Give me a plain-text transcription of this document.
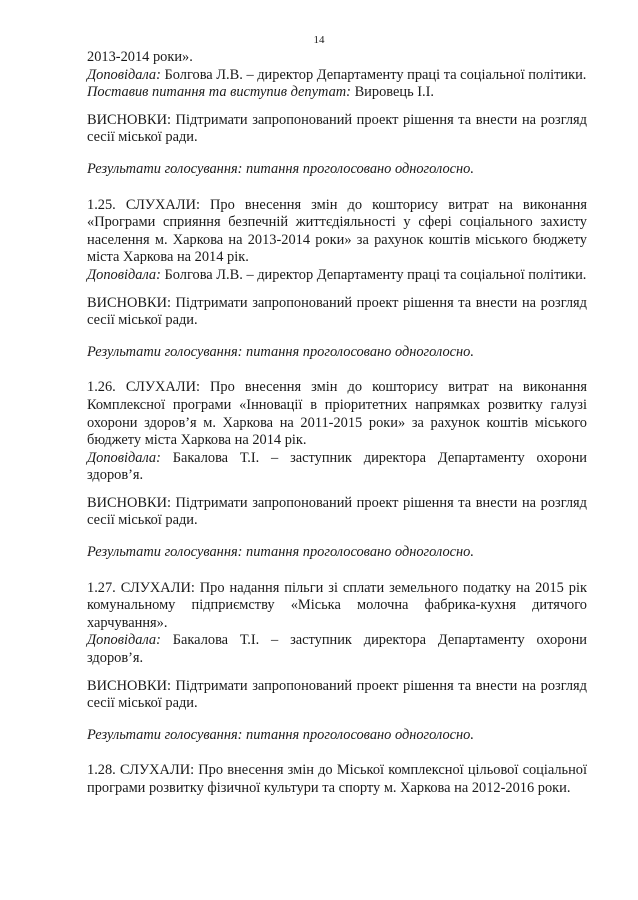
14

2013-2014 роки».

Доповідала: Болгова Л.В. – директор Департаменту праці та соціальної політики.

Поставив питання та виступив депутат: Вировець І.І.

ВИСНОВКИ: Підтримати запропонований проект рішення та внести на розгляд сесії міської ради.

Результати голосування: питання проголосовано одноголосно.

1.25. СЛУХАЛИ: Про внесення змін до кошторису витрат на виконання «Програми сприяння безпечній життєдіяльності у сфері соціального захисту населення м. Харкова на 2013-2014 роки» за рахунок коштів міського бюджету міста Харкова на 2014 рік.

Доповідала: Болгова Л.В. – директор Департаменту праці та соціальної політики.

ВИСНОВКИ: Підтримати запропонований проект рішення та внести на розгляд сесії міської ради.

Результати голосування: питання проголосовано одноголосно.

1.26. СЛУХАЛИ: Про внесення змін до кошторису витрат на виконання Комплексної програми «Інновації в пріоритетних напрямках розвитку галузі охорони здоров’я м. Харкова на 2011-2015 роки» за рахунок коштів міського бюджету міста Харкова на 2014 рік.

Доповідала: Бакалова Т.І. – заступник директора Департаменту охорони здоров’я.

ВИСНОВКИ: Підтримати запропонований проект рішення та внести на розгляд сесії міської ради.

Результати голосування: питання проголосовано одноголосно.

1.27. СЛУХАЛИ: Про надання пільги зі сплати земельного податку на 2015 рік комунальному підприємству «Міська молочна фабрика-кухня дитячого харчування».

Доповідала: Бакалова Т.І. – заступник директора Департаменту охорони здоров’я.

ВИСНОВКИ: Підтримати запропонований проект рішення та внести на розгляд сесії міської ради.

Результати голосування: питання проголосовано одноголосно.

1.28. СЛУХАЛИ: Про внесення змін до Міської комплексної цільової соціальної програми розвитку фізичної культури та спорту м. Харкова на 2012-2016 роки.
